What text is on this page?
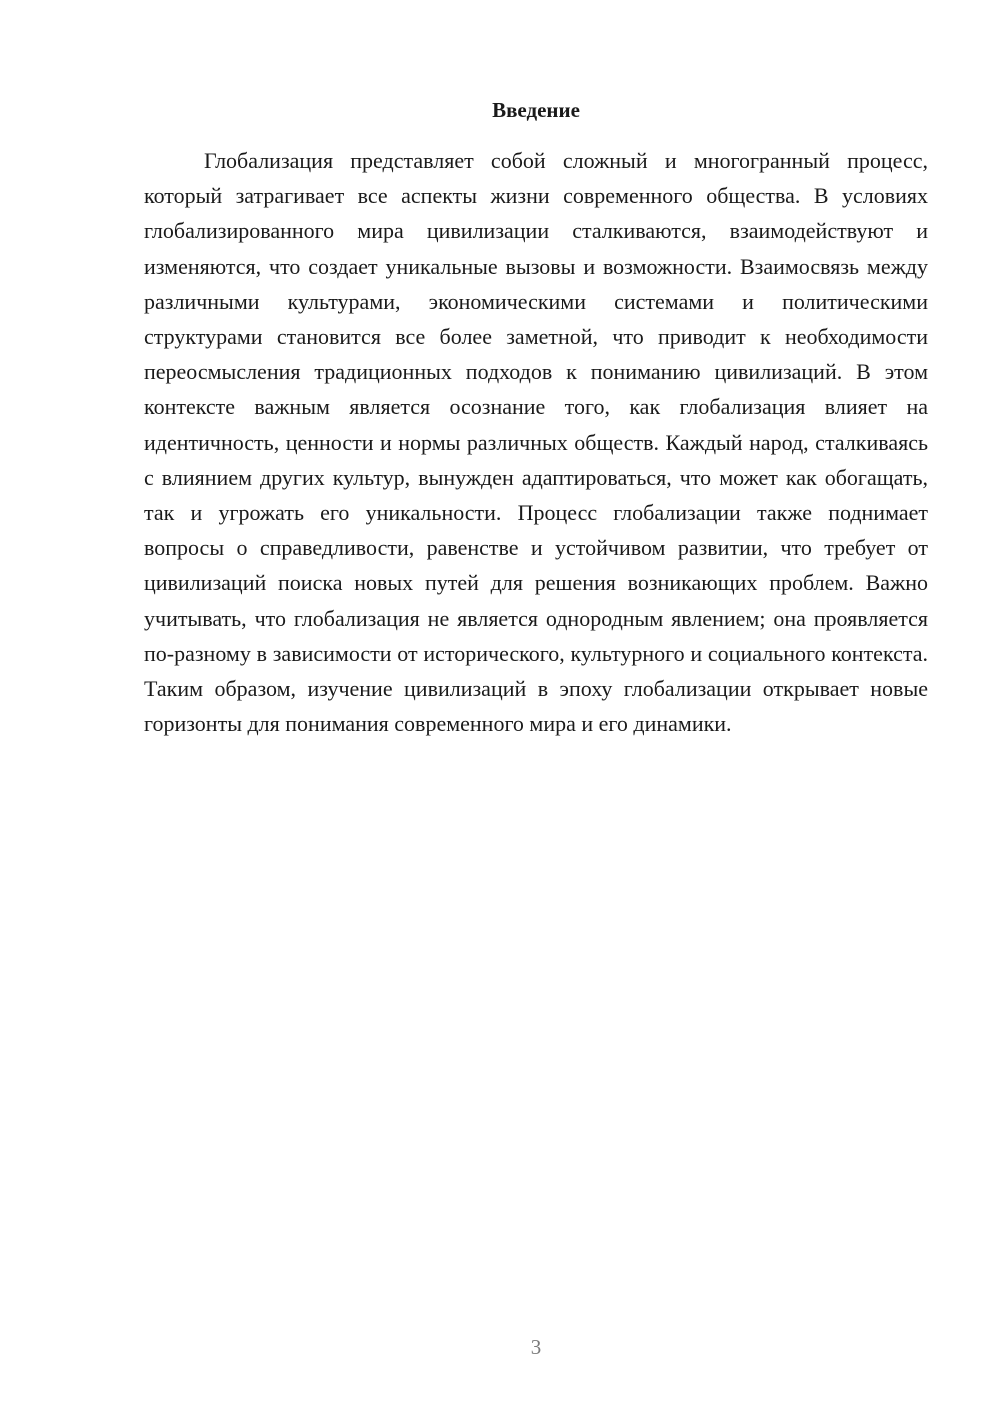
Введение

Глобализация представляет собой сложный и многогранный процесс, который затрагивает все аспекты жизни современного общества. В условиях глобализированного мира цивилизации сталкиваются, взаимодействуют и изменяются, что создает уникальные вызовы и возможности. Взаимосвязь между различными культурами, экономическими системами и политическими структурами становится все более заметной, что приводит к необходимости переосмысления традиционных подходов к пониманию цивилизаций. В этом контексте важным является осознание того, как глобализация влияет на идентичность, ценности и нормы различных обществ. Каждый народ, сталкиваясь с влиянием других культур, вынужден адаптироваться, что может как обогащать, так и угрожать его уникальности. Процесс глобализации также поднимает вопросы о справедливости, равенстве и устойчивом развитии, что требует от цивилизаций поиска новых путей для решения возникающих проблем. Важно учитывать, что глобализация не является однородным явлением; она проявляется по-разному в зависимости от исторического, культурного и социального контекста. Таким образом, изучение цивилизаций в эпоху глобализации открывает новые горизонты для понимания современного мира и его динамики.

3
